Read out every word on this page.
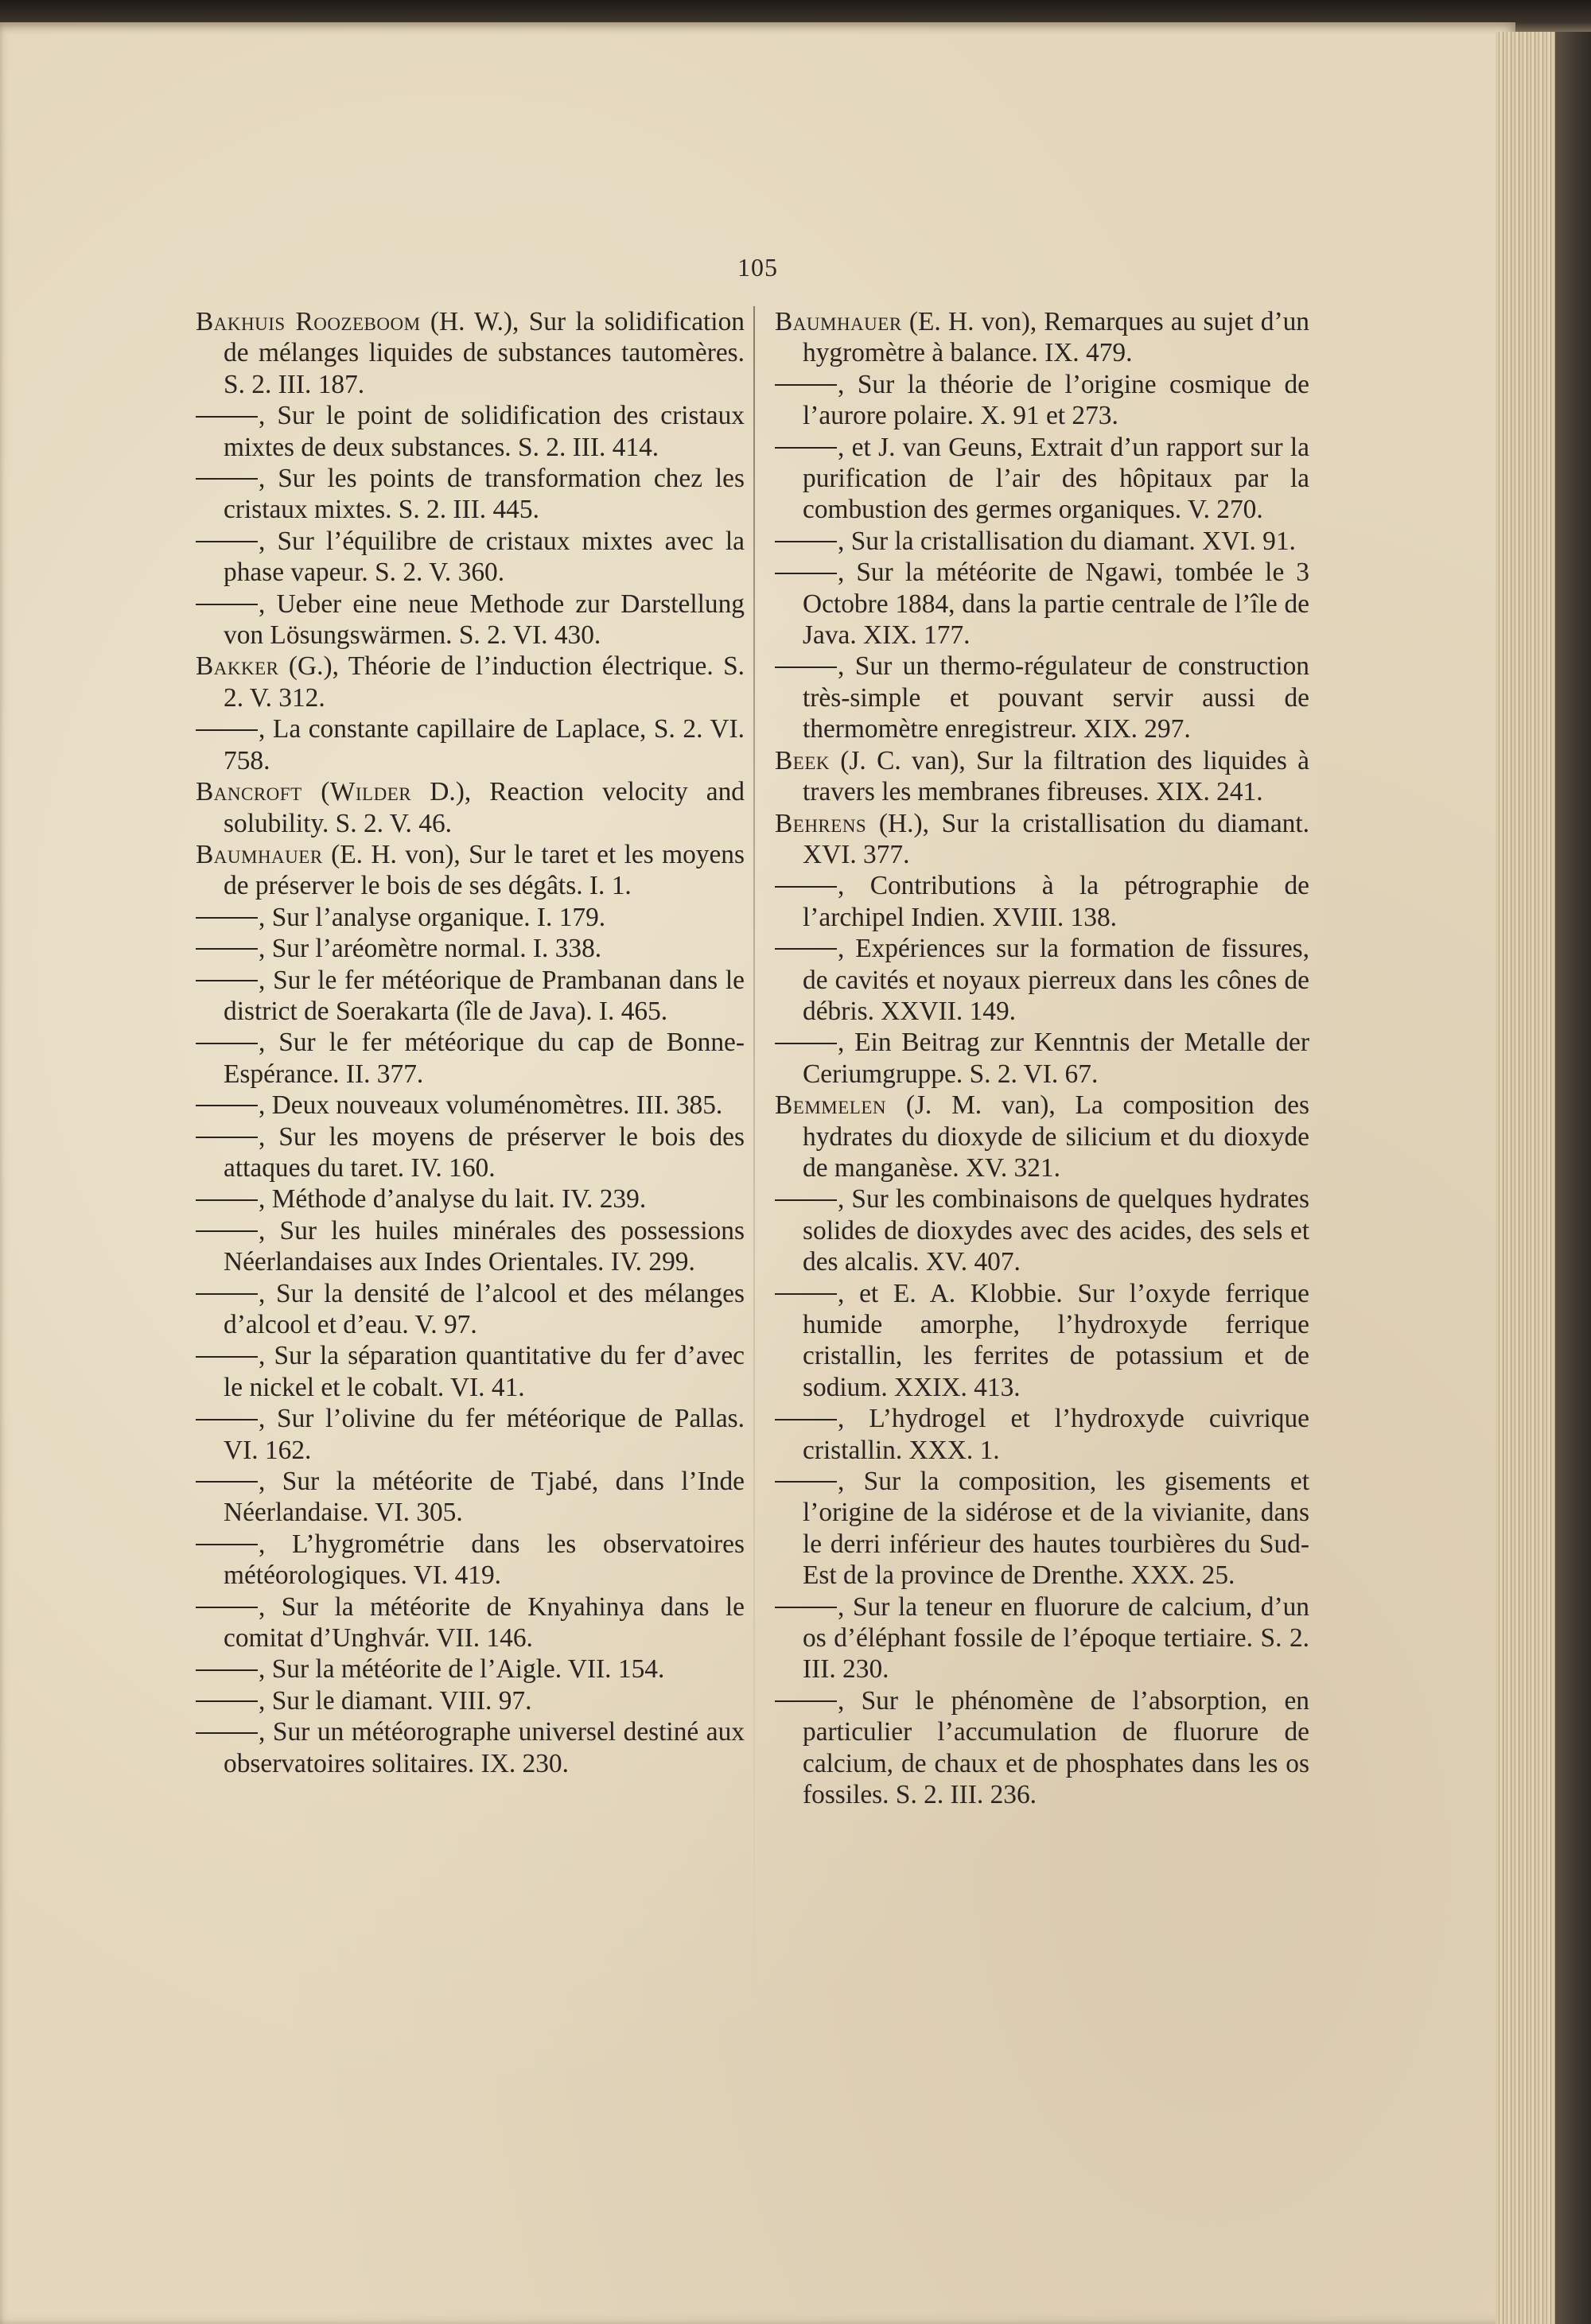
105

Bakhuis Roozeboom (H. W.), Sur la solidification de mélanges liquides de substances tautomères. S. 2. III. 187.

, Sur le point de solidification des cristaux mixtes de deux substances. S. 2. III. 414.

, Sur les points de transformation chez les cristaux mixtes. S. 2. III. 445.

, Sur l’équilibre de cristaux mixtes avec la phase vapeur. S. 2. V. 360.

, Ueber eine neue Methode zur Darstellung von Lösungswärmen. S. 2. VI. 430.

Bakker (G.), Théorie de l’induction électrique. S. 2. V. 312.

, La constante capillaire de Laplace, S. 2. VI. 758.

Bancroft (Wilder D.), Reaction velocity and solubility. S. 2. V. 46.

Baumhauer (E. H. von), Sur le taret et les moyens de préserver le bois de ses dégâts. I. 1.

, Sur l’analyse organique. I. 179.

, Sur l’aréomètre normal. I. 338.

, Sur le fer météorique de Prambanan dans le district de Soerakarta (île de Java). I. 465.

, Sur le fer météorique du cap de Bonne-Espérance. II. 377.

, Deux nouveaux voluménomètres. III. 385.

, Sur les moyens de préserver le bois des attaques du taret. IV. 160.

, Méthode d’analyse du lait. IV. 239.

, Sur les huiles minérales des possessions Néerlandaises aux Indes Orientales. IV. 299.

, Sur la densité de l’alcool et des mélanges d’alcool et d’eau. V. 97.

, Sur la séparation quantitative du fer d’avec le nickel et le cobalt. VI. 41.

, Sur l’olivine du fer météorique de Pallas. VI. 162.

, Sur la météorite de Tjabé, dans l’Inde Néerlandaise. VI. 305.

, L’hygrométrie dans les observatoires météorologiques. VI. 419.

, Sur la météorite de Knyahinya dans le comitat d’Unghvár. VII. 146.

, Sur la météorite de l’Aigle. VII. 154.

, Sur le diamant. VIII. 97.

, Sur un météorographe universel destiné aux observatoires solitaires. IX. 230.

Baumhauer (E. H. von), Remarques au sujet d’un hygromètre à balance. IX. 479.

, Sur la théorie de l’origine cosmique de l’aurore polaire. X. 91 et 273.

, et J. van Geuns, Extrait d’un rapport sur la purification de l’air des hôpitaux par la combustion des germes organiques. V. 270.

, Sur la cristallisation du diamant. XVI. 91.

, Sur la météorite de Ngawi, tombée le 3 Octobre 1884, dans la partie centrale de l’île de Java. XIX. 177.

, Sur un thermo-régulateur de construction très-simple et pouvant servir aussi de thermomètre enregistreur. XIX. 297.

Beek (J. C. van), Sur la filtration des liquides à travers les membranes fibreuses. XIX. 241.

Behrens (H.), Sur la cristallisation du diamant. XVI. 377.

, Contributions à la pétrographie de l’archipel Indien. XVIII. 138.

, Expériences sur la formation de fissures, de cavités et noyaux pierreux dans les cônes de débris. XXVII. 149.

, Ein Beitrag zur Kenntnis der Metalle der Ceriumgruppe. S. 2. VI. 67.

Bemmelen (J. M. van), La composition des hydrates du dioxyde de silicium et du dioxyde de manganèse. XV. 321.

, Sur les combinaisons de quelques hydrates solides de dioxydes avec des acides, des sels et des alcalis. XV. 407.

, et E. A. Klobbie. Sur l’oxyde ferrique humide amorphe, l’hydroxyde ferrique cristallin, les ferrites de potassium et de sodium. XXIX. 413.

, L’hydrogel et l’hydroxyde cuivrique cristallin. XXX. 1.

, Sur la composition, les gisements et l’origine de la sidérose et de la vivianite, dans le derri inférieur des hautes tourbières du Sud-Est de la province de Drenthe. XXX. 25.

, Sur la teneur en fluorure de calcium, d’un os d’éléphant fossile de l’époque tertiaire. S. 2. III. 230.

, Sur le phénomène de l’absorption, en particulier l’accumulation de fluorure de calcium, de chaux et de phosphates dans les os fossiles. S. 2. III. 236.
